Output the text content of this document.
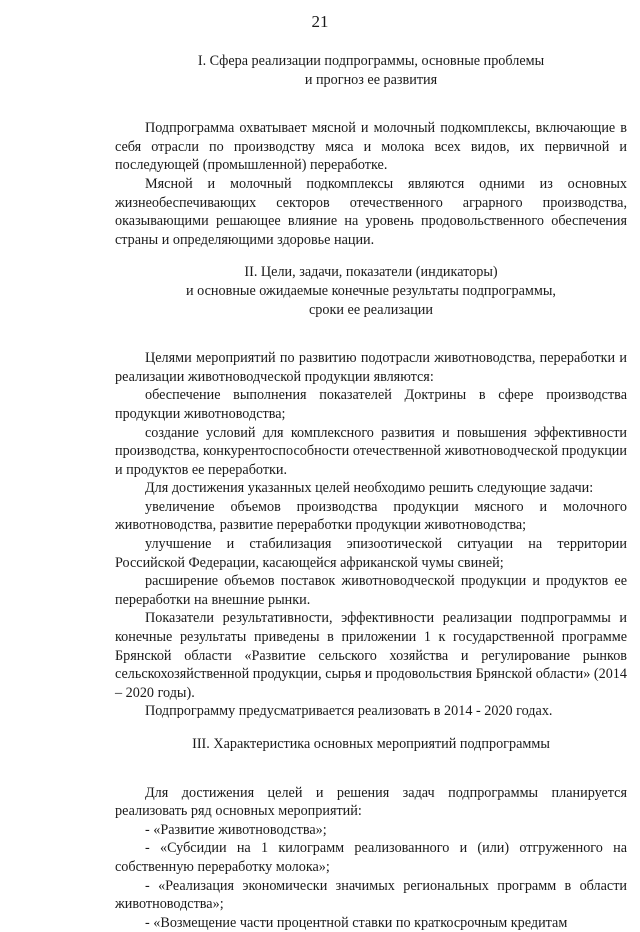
21
I. Сфера реализации подпрограммы, основные проблемы
и прогноз ее развития

Подпрограмма охватывает мясной и молочный подкомплексы, включающие в себя отрасли по производству мяса и молока всех видов, их первичной и последующей (промышленной) переработке.

Мясной и молочный подкомплексы являются одними из основных жизнеобеспечивающих секторов отечественного аграрного производства, оказывающими решающее влияние на уровень продовольственного обеспечения страны и определяющими здоровье нации.

II. Цели, задачи, показатели (индикаторы)
и основные ожидаемые конечные результаты подпрограммы,
сроки ее реализации

Целями мероприятий по развитию подотрасли животноводства, переработки и реализации животноводческой продукции являются:

обеспечение выполнения показателей Доктрины в сфере производства продукции животноводства;

создание условий для комплексного развития и повышения эффективности производства, конкурентоспособности отечественной животноводческой продукции и продуктов ее переработки.

Для достижения указанных целей необходимо решить следующие задачи:

увеличение объемов производства продукции мясного и молочного животноводства, развитие переработки продукции животноводства;

улучшение и стабилизация эпизоотической ситуации на территории Российской Федерации, касающейся африканской чумы свиней;

расширение объемов поставок животноводческой продукции и продуктов ее переработки на внешние рынки.

Показатели результативности, эффективности реализации подпрограммы и конечные результаты приведены в приложении 1 к государственной программе Брянской области «Развитие сельского хозяйства и регулирование рынков сельскохозяйственной продукции, сырья и продовольствия Брянской области» (2014 – 2020 годы).

Подпрограмму предусматривается реализовать в 2014 - 2020 годах.

III. Характеристика основных мероприятий подпрограммы

Для достижения целей и решения задач подпрограммы планируется реализовать ряд основных мероприятий:

- «Развитие животноводства»;

- «Субсидии на 1 килограмм реализованного и (или) отгруженного на собственную переработку молока»;

- «Реализация экономически значимых региональных программ в области животноводства»;

- «Возмещение части процентной ставки по краткосрочным кредитам
